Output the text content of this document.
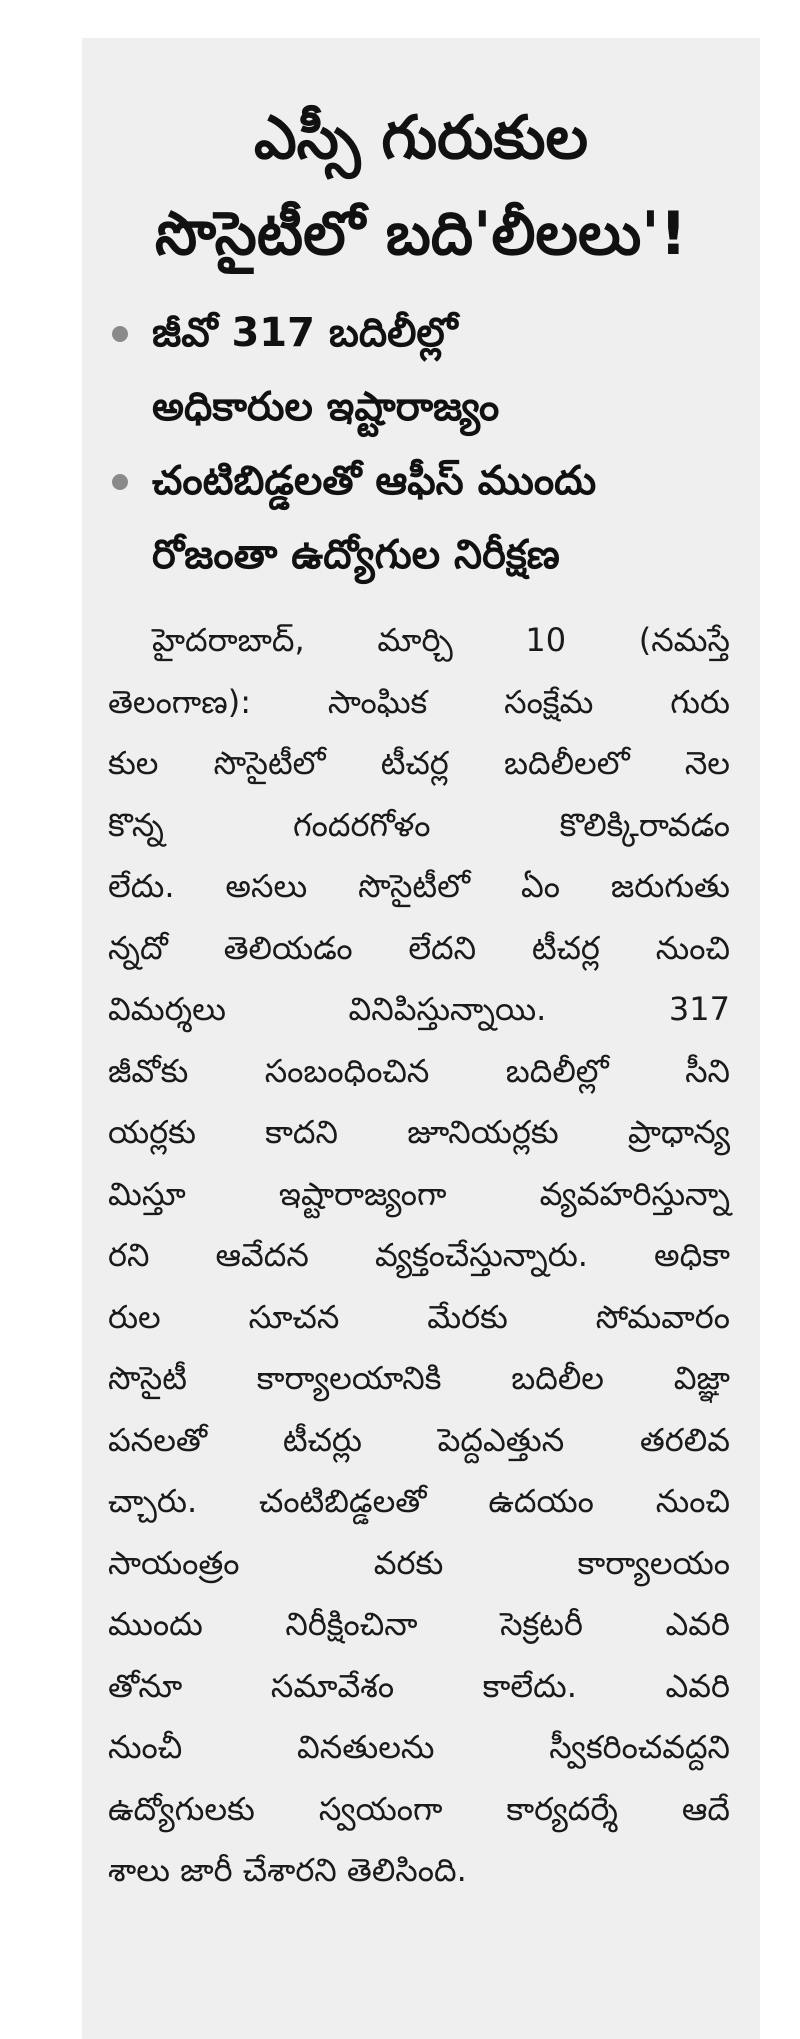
ఎస్సీ గురుకుల
సొసైటీలో బది'లీలలు'!
జీవో 317 బదిలీల్లో
అధికారుల ఇష్టారాజ్యం
చంటిబిడ్డలతో ఆఫీస్ ముందు
రోజంతా ఉద్యోగుల నిరీక్షణ
హైదరాబాద్, మార్చి 10 (నమస్తే
తెలంగాణ): సాంఘిక సంక్షేమ గురు
కుల సొసైటీలో టీచర్ల బదిలీలలో నెల
కొన్న గందరగోళం కొలిక్కిరావడం
లేదు. అసలు సొసైటీలో ఏం జరుగుతు
న్నదో తెలియడం లేదని టీచర్ల నుంచి
విమర్శలు వినిపిస్తున్నాయి. 317
జీవోకు సంబంధించిన బదిలీల్లో సీని
యర్లకు కాదని జూనియర్లకు ప్రాధాన్య
మిస్తూ ఇష్టారాజ్యంగా వ్యవహరిస్తున్నా
రని ఆవేదన వ్యక్తంచేస్తున్నారు. అధికా
రుల సూచన మేరకు సోమవారం
సొసైటీ కార్యాలయానికి బదిలీల విజ్ఞా
పనలతో టీచర్లు పెద్దఎత్తున తరలివ
చ్చారు. చంటిబిడ్డలతో ఉదయం నుంచి
సాయంత్రం వరకు కార్యాలయం
ముందు నిరీక్షించినా సెక్రటరీ ఎవరి
తోనూ సమావేశం కాలేదు. ఎవరి
నుంచీ వినతులను స్వీకరించవద్దని
ఉద్యోగులకు స్వయంగా కార్యదర్శే ఆదే
శాలు జారీ చేశారని తెలిసింది.
